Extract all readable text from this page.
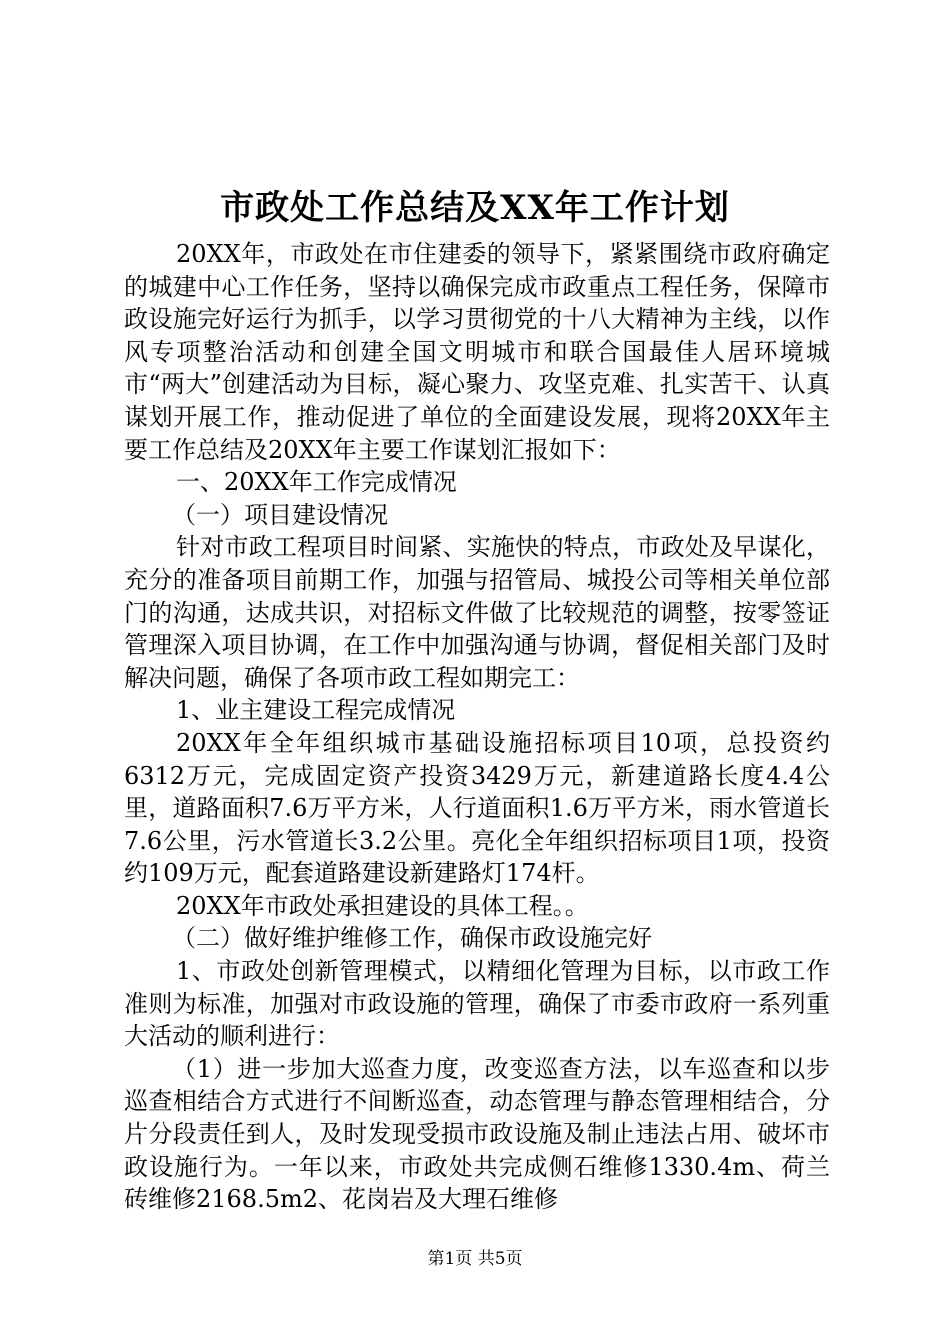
市政处工作总结及XX年工作计划

20XX年，市政处在市住建委的领导下，紧紧围绕市政府确定的城建中心工作任务，坚持以确保完成市政重点工程任务，保障市政设施完好运行为抓手，以学习贯彻党的十八大精神为主线，以作风专项整治活动和创建全国文明城市和联合国最佳人居环境城市“两大”创建活动为目标，凝心聚力、攻坚克难、扎实苦干、认真谋划开展工作，推动促进了单位的全面建设发展，现将20XX年主要工作总结及20XX年主要工作谋划汇报如下：

一、20XX年工作完成情况

（一）项目建设情况

针对市政工程项目时间紧、实施快的特点，市政处及早谋化，充分的准备项目前期工作，加强与招管局、城投公司等相关单位部门的沟通，达成共识，对招标文件做了比较规范的调整，按零签证管理深入项目协调，在工作中加强沟通与协调，督促相关部门及时解决问题，确保了各项市政工程如期完工：

1、业主建设工程完成情况

20XX年全年组织城市基础设施招标项目10项，总投资约6312万元，完成固定资产投资3429万元，新建道路长度4.4公里，道路面积7.6万平方米，人行道面积1.6万平方米，雨水管道长7.6公里，污水管道长3.2公里。亮化全年组织招标项目1项，投资约109万元，配套道路建设新建路灯174杆。

20XX年市政处承担建设的具体工程。。

（二）做好维护维修工作，确保市政设施完好

1、市政处创新管理模式，以精细化管理为目标，以市政工作准则为标准，加强对市政设施的管理，确保了市委市政府一系列重大活动的顺利进行：

（1）进一步加大巡查力度，改变巡查方法，以车巡查和以步巡查相结合方式进行不间断巡查，动态管理与静态管理相结合，分片分段责任到人，及时发现受损市政设施及制止违法占用、破坏市政设施行为。一年以来，市政处共完成侧石维修1330.4m、荷兰砖维修2168.5m2、花岗岩及大理石维修

第1页 共5页
